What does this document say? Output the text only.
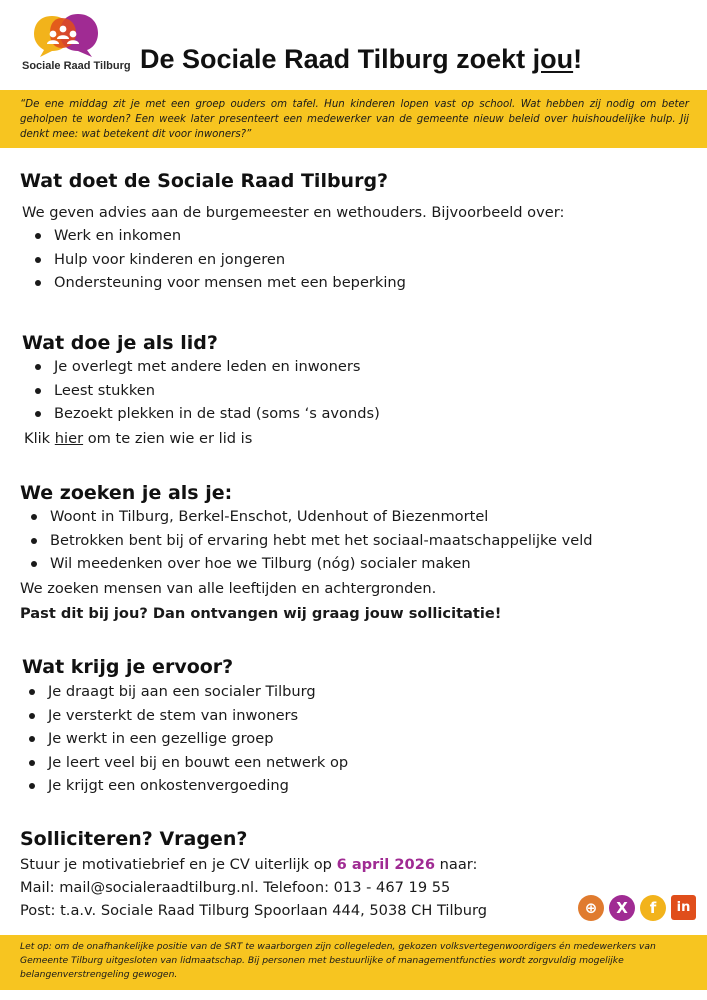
Sociale Raad Tilburg De Sociale Raad Tilburg zoekt jou!
“De ene middag zit je met een groep ouders om tafel. Hun kinderen lopen vast op school. Wat hebben zij nodig om beter geholpen te worden? Een week later presenteert een medewerker van de gemeente nieuw beleid over huishoudelijke hulp. Jij denkt mee: wat betekent dit voor inwoners?”
Wat doet de Sociale Raad Tilburg?
We geven advies aan de burgemeester en wethouders. Bijvoorbeeld over:
Werk en inkomen
Hulp voor kinderen en jongeren
Ondersteuning voor mensen met een beperking
Wat doe je als lid?
Je overlegt met andere leden en inwoners
Leest stukken
Bezoekt plekken in de stad (soms ‘s avonds)
Klik hier om te zien wie er lid is
We zoeken je als je:
Woont in Tilburg, Berkel-Enschot, Udenhout of Biezenmortel
Betrokken bent bij of ervaring hebt met het sociaal-maatschappelijke veld
Wil meedenken over hoe we Tilburg (nóg) socialer maken
We zoeken mensen van alle leeftijden en achtergronden.
Past dit bij jou? Dan ontvangen wij graag jouw sollicitatie!
Wat krijg je ervoor?
Je draagt bij aan een socialer Tilburg
Je versterkt de stem van inwoners
Je werkt in een gezellige groep
Je leert veel bij en bouwt een netwerk op
Je krijgt een onkostenvergoeding
Solliciteren? Vragen?
Stuur je motivatiebrief en je CV uiterlijk op 6 april 2026 naar:
Mail: mail@socialeraadtilburg.nl. Telefoon: 013 - 467 19 55
Post: t.a.v. Sociale Raad Tilburg Spoorlaan 444, 5038 CH Tilburg	⊕	X	f	in
Let op: om de onafhankelijke positie van de SRT te waarborgen zijn collegeleden, gekozen volksvertegenwoordigers én medewerkers van Gemeente Tilburg uitgesloten van lidmaatschap. Bij personen met bestuurlijke of managementfuncties wordt zorgvuldig mogelijke belangenverstrengeling gewogen.
